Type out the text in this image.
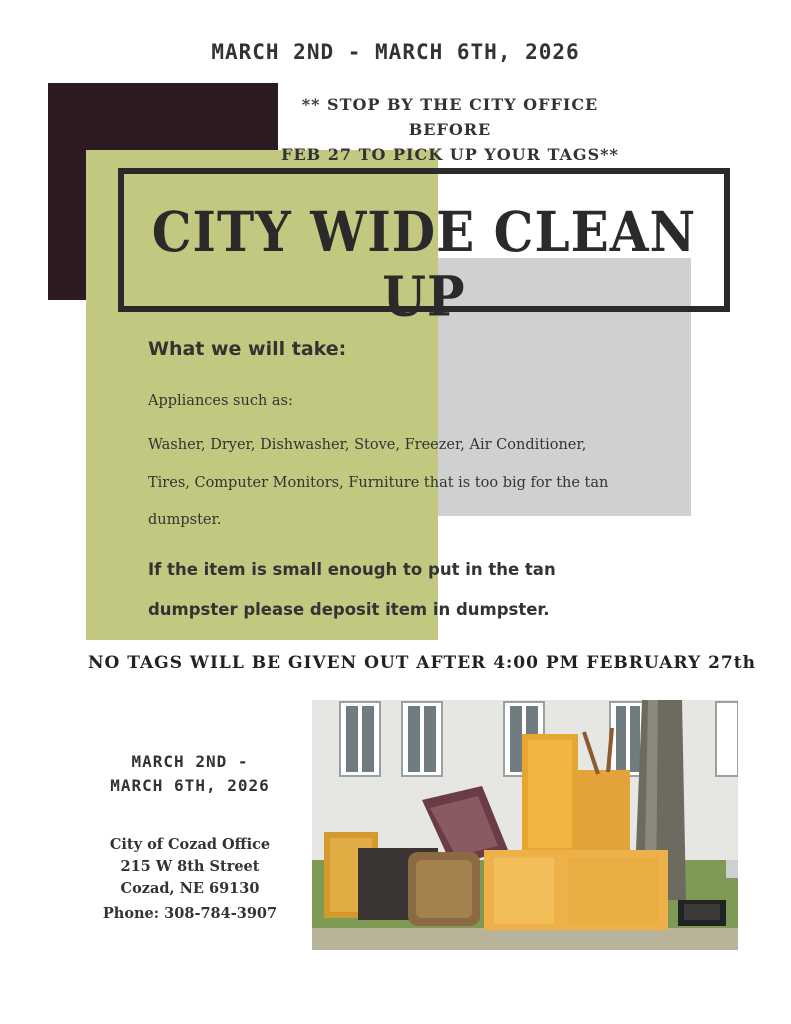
MARCH 2ND - MARCH 6TH, 2026
** STOP BY THE CITY OFFICE BEFORE
FEB 27 TO PICK UP YOUR TAGS**
CITY WIDE CLEAN UP
What we will take:
Appliances such as:
Washer, Dryer, Dishwasher, Stove, Freezer, Air Conditioner,
Tires, Computer Monitors, Furniture that is too big for the tan
dumpster.
If the item is small enough to put in the tan
dumpster please deposit item in dumpster.
NO TAGS WILL BE GIVEN OUT AFTER 4:00 PM FEBRUARY 27th
MARCH 2ND -
MARCH 6TH, 2026
City of Cozad Office
215 W 8th Street
Cozad, NE 69130
Phone: 308-784-3907
